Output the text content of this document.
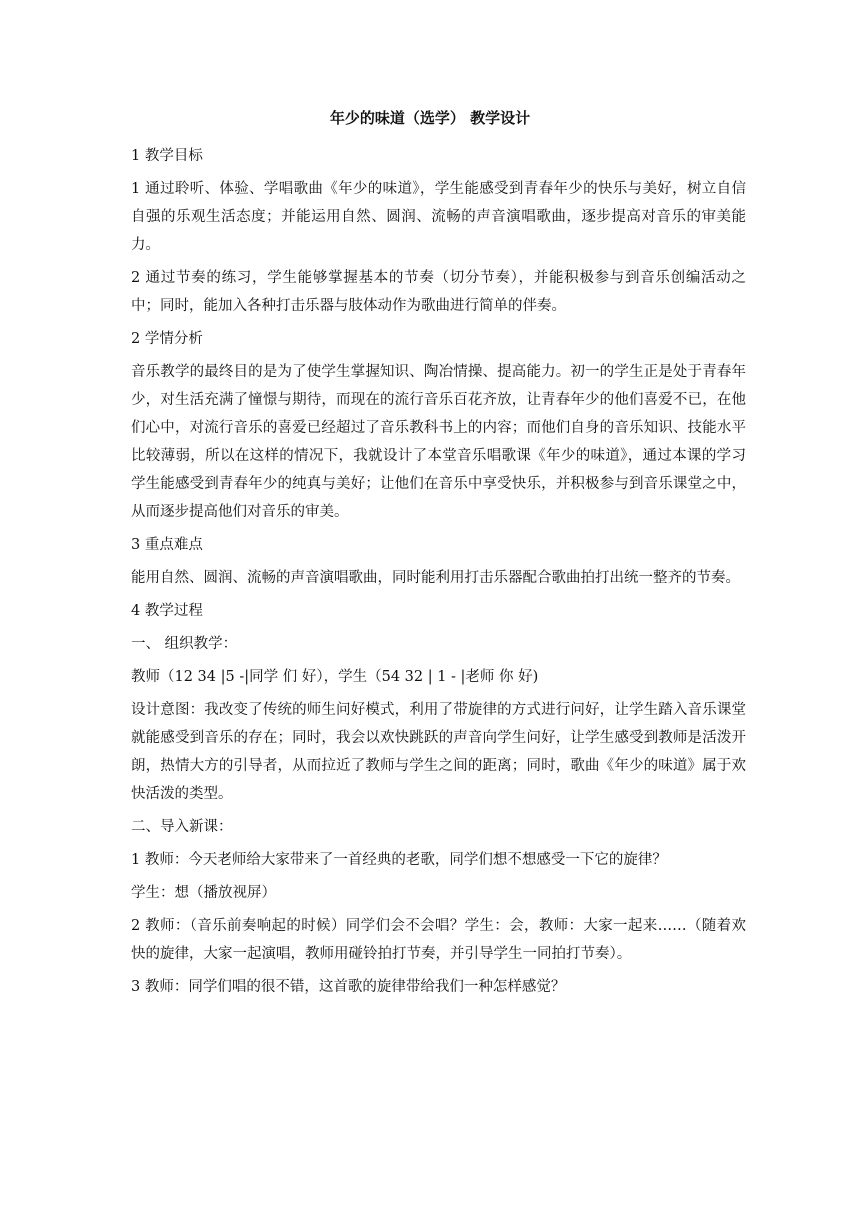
年少的味道（选学） 教学设计

1 教学目标

1 通过聆听、体验、学唱歌曲《年少的味道》，学生能感受到青春年少的快乐与美好，树立自信自强的乐观生活态度；并能运用自然、圆润、流畅的声音演唱歌曲，逐步提高对音乐的审美能力。

2 通过节奏的练习，学生能够掌握基本的节奏（切分节奏），并能积极参与到音乐创编活动之中；同时，能加入各种打击乐器与肢体动作为歌曲进行简单的伴奏。

2 学情分析

音乐教学的最终目的是为了使学生掌握知识、陶冶情操、提高能力。初一的学生正是处于青春年少，对生活充满了憧憬与期待，而现在的流行音乐百花齐放，让青春年少的他们喜爱不已，在他们心中，对流行音乐的喜爱已经超过了音乐教科书上的内容；而他们自身的音乐知识、技能水平比较薄弱，所以在这样的情况下，我就设计了本堂音乐唱歌课《年少的味道》，通过本课的学习学生能感受到青春年少的纯真与美好；让他们在音乐中享受快乐，并积极参与到音乐课堂之中，从而逐步提高他们对音乐的审美。

3 重点难点

能用自然、圆润、流畅的声音演唱歌曲，同时能利用打击乐器配合歌曲拍打出统一整齐的节奏。

4 教学过程

一、 组织教学：

教师（12 34 |5 -|同学 们 好），学生（54 32 | 1 - |老师 你 好)

设计意图：我改变了传统的师生问好模式，利用了带旋律的方式进行问好，让学生踏入音乐课堂就能感受到音乐的存在；同时，我会以欢快跳跃的声音向学生问好，让学生感受到教师是活泼开朗，热情大方的引导者，从而拉近了教师与学生之间的距离；同时，歌曲《年少的味道》属于欢快活泼的类型。

二、导入新课：

1 教师：今天老师给大家带来了一首经典的老歌，同学们想不想感受一下它的旋律？

学生：想（播放视屏）

2 教师：（音乐前奏响起的时候）同学们会不会唱？学生：会，教师：大家一起来……（随着欢快的旋律，大家一起演唱，教师用碰铃拍打节奏，并引导学生一同拍打节奏）。

3 教师：同学们唱的很不错，这首歌的旋律带给我们一种怎样感觉？
